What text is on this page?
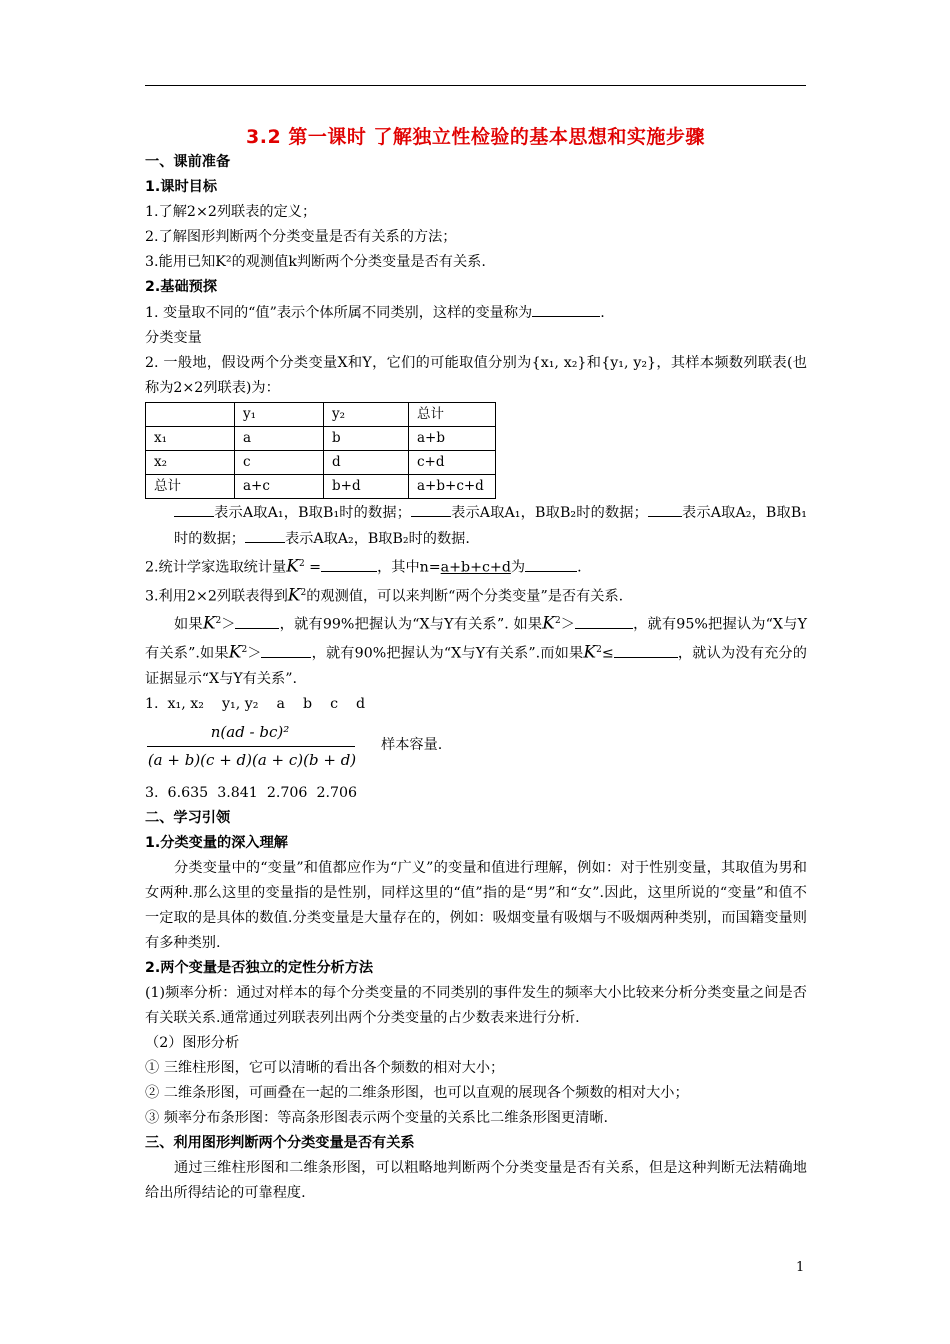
3.2 第一课时 了解独立性检验的基本思想和实施步骤

一、课前准备

1.课时目标

1.了解2×2列联表的定义；

2.了解图形判断两个分类变量是否有关系的方法；

3.能用已知K²的观测值k判断两个分类变量是否有关系.

2.基础预探

1. 变量取不同的“值”表示个体所属不同类别，这样的变量称为	.

分类变量

2. 一般地，假设两个分类变量X和Y，它们的可能取值分别为{x₁, x₂}和{y₁, y₂}，其样本频数列联表(也称为2×2列联表)为：

	y₁	y₂	总计
x₁	a	b	a+b
x₂	c	d	c+d
总计	a+c	b+d	a+b+c+d

表示A取A₁，B取B₁时的数据；	表示A取A₁，B取B₂时的数据； 表示A取A₂，B取B₁时的数据；	表示A取A₂，B取B₂时的数据.

2.统计学家选取统计量$K^2$ =	，其中n=a+b+c+d为	.

3.利用2×2列联表得到$K^2$的观测值，可以来判断“两个分类变量”是否有关系.

如果$K^2>$	，就有99%把握认为“X与Y有关系”. 如果$K^2>$	，就有95%把握认为“X与Y有关系”.如果$K^2>$	，就有90%把握认为“X与Y有关系”.而如果$K^2\le$	，就认为没有充分的证据显示“X与Y有关系”.

1.  x₁, x₂    y₁, y₂    a    b    c    d

n(ad - bc)²
(a + b)(c + d)(a + c)(b + d)
样本容量.

3.  6.635  3.841  2.706  2.706

二、学习引领

1.分类变量的深入理解

分类变量中的“变量”和值都应作为“广义”的变量和值进行理解，例如：对于性别变量，其取值为男和女两种.那么这里的变量指的是性别，同样这里的“值”指的是“男”和“女”.因此，这里所说的“变量”和值不一定取的是具体的数值.分类变量是大量存在的，例如：吸烟变量有吸烟与不吸烟两种类别，而国籍变量则有多种类别.

2.两个变量是否独立的定性分析方法

(1)频率分析：通过对样本的每个分类变量的不同类别的事件发生的频率大小比较来分析分类变量之间是否有关联关系.通常通过列联表列出两个分类变量的占少数表来进行分析.

（2）图形分析

① 三维柱形图，它可以清晰的看出各个频数的相对大小；

② 二维条形图，可画叠在一起的二维条形图，也可以直观的展现各个频数的相对大小；

③ 频率分布条形图：等高条形图表示两个变量的关系比二维条形图更清晰.

三、利用图形判断两个分类变量是否有关系

通过三维柱形图和二维条形图，可以粗略地判断两个分类变量是否有关系，但是这种判断无法精确地给出所得结论的可靠程度.

1
